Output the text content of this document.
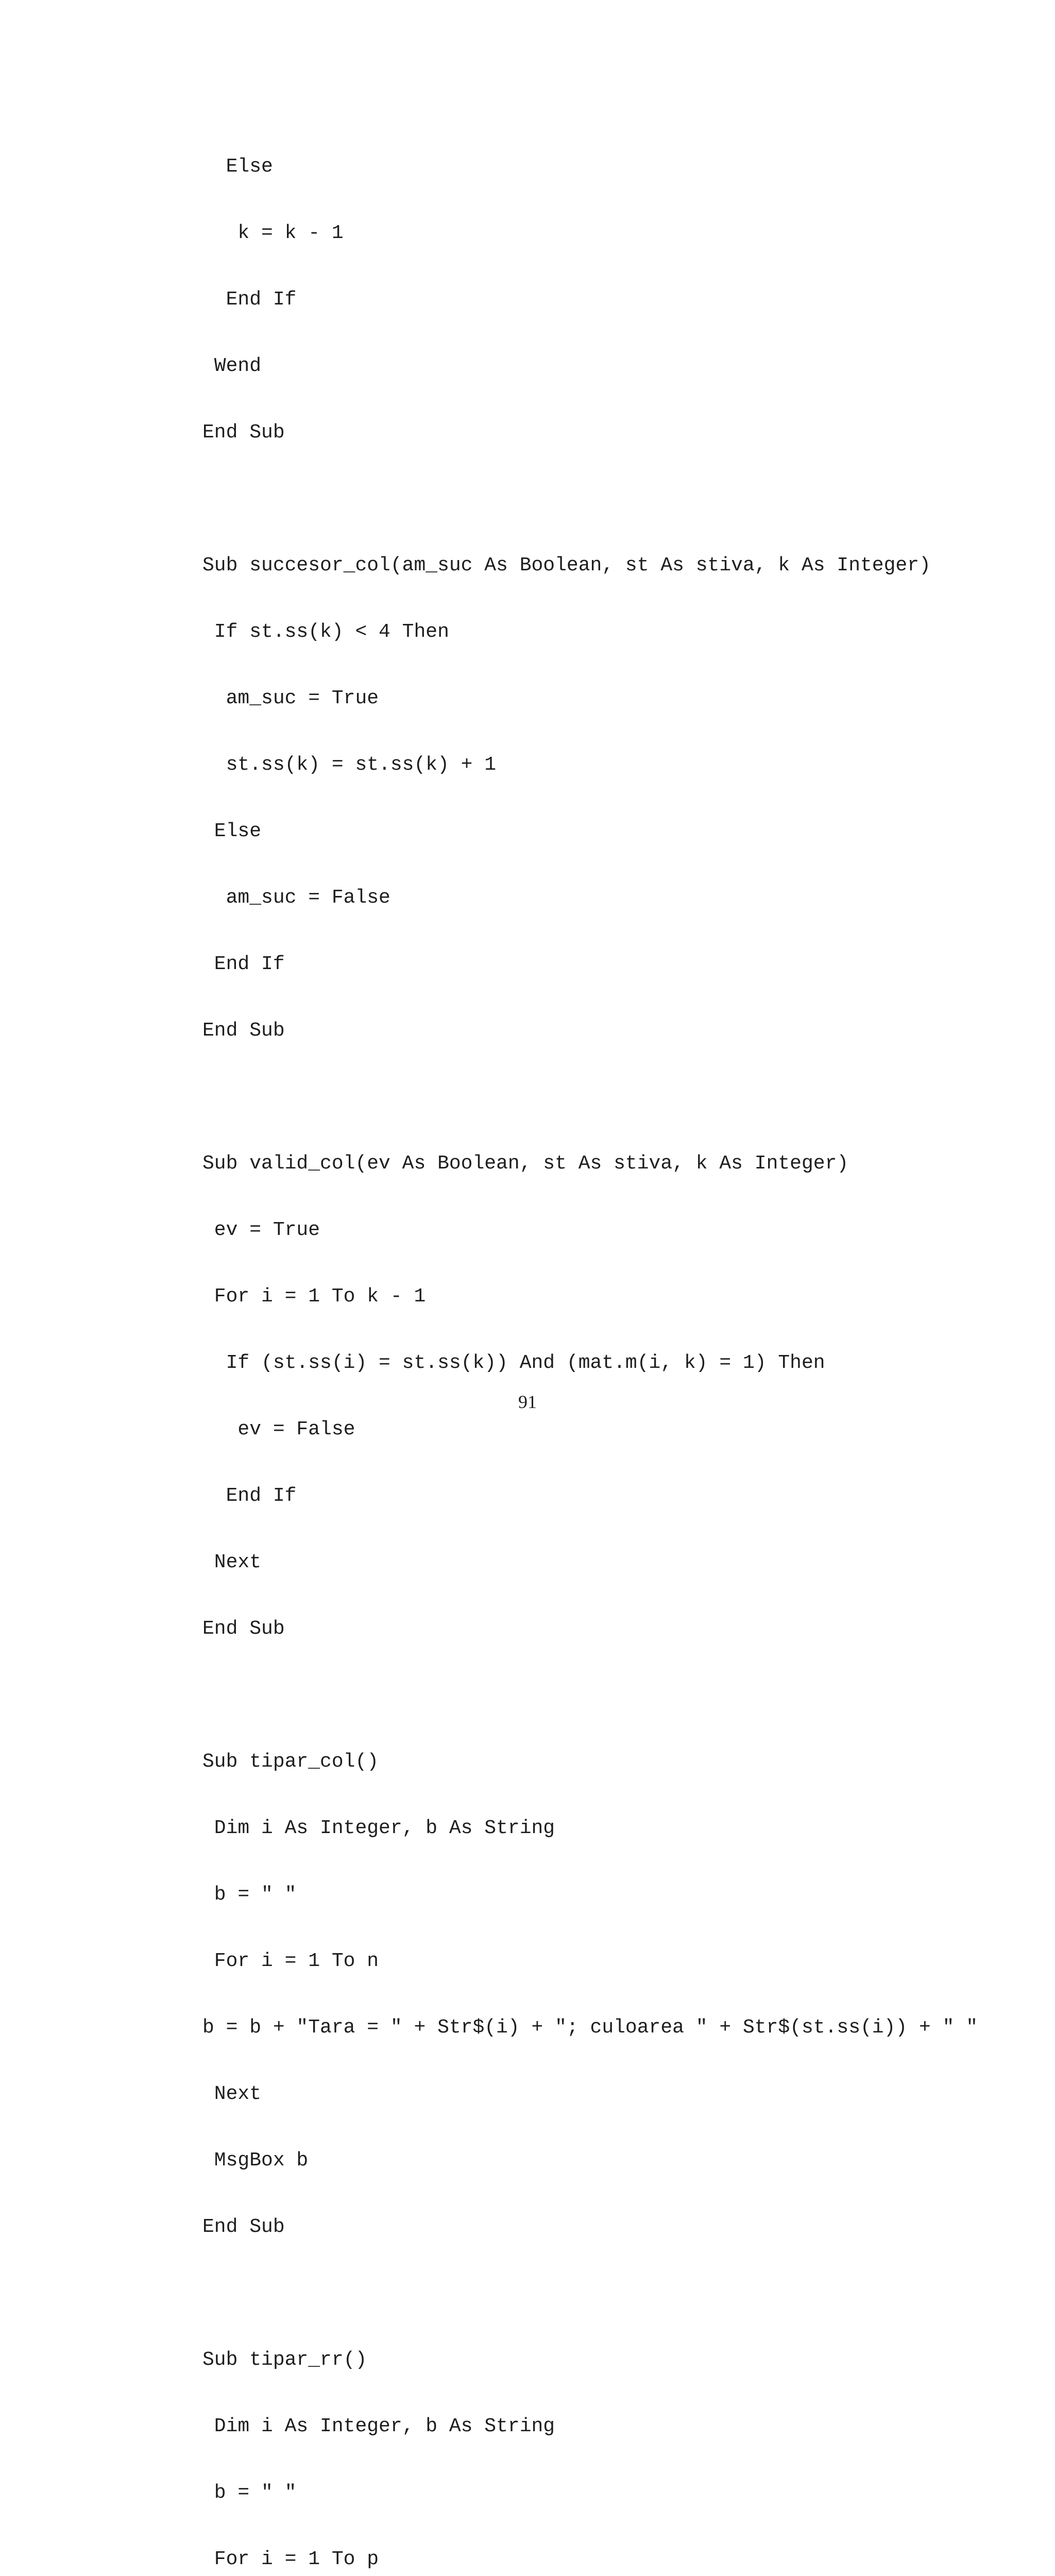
Else

k = k - 1

End If

Wend

End Sub

Sub succesor_col(am_suc As Boolean, st As stiva, k As Integer)

If st.ss(k) < 4 Then

am_suc = True

st.ss(k) = st.ss(k) + 1

Else

am_suc = False

End If

End Sub

Sub valid_col(ev As Boolean, st As stiva, k As Integer)

ev = True

For i = 1 To k - 1

If (st.ss(i) = st.ss(k)) And (mat.m(i, k) = 1) Then

ev = False

End If

Next

End Sub

Sub tipar_col()

Dim i As Integer, b As String

b = " "

For i = 1 To n

b = b + "Tara = " + Str$(i) + "; culoarea " + Str$(st.ss(i)) + " "

Next

MsgBox b

End Sub

Sub tipar_rr()

Dim i As Integer, b As String

b = " "

For i = 1 To p

91
